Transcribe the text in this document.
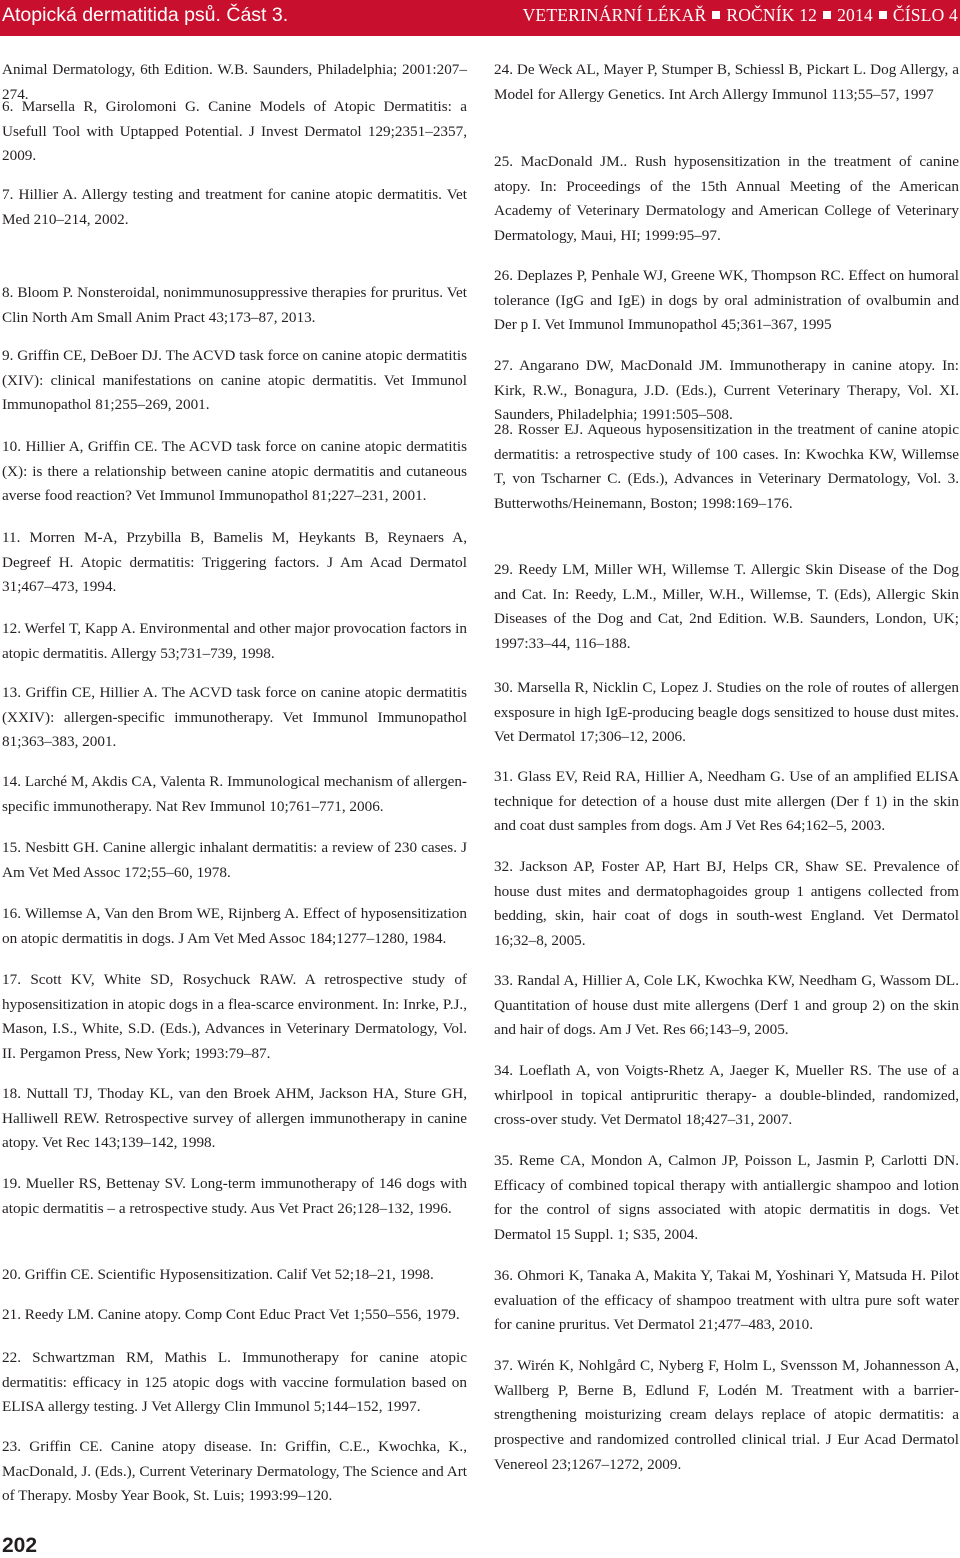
Atopická dermatitida psů. Část 3.	VETERINÁRNÍ LÉKAŘ ROČNÍK 12 2014 ČÍSLO 4
Animal Dermatology, 6th Edition. W.B. Saunders, Philadelphia; 2001:207–274.
6. Marsella R, Girolomoni G. Canine Models of Atopic Dermatitis: a Usefull Tool with Uptapped Potential. J Invest Dermatol 129;2351–2357, 2009.
7. Hillier A. Allergy testing and treatment for canine atopic dermatitis. Vet Med 210–214, 2002.
8. Bloom P. Nonsteroidal, nonimmunosuppressive therapies for pruritus. Vet Clin North Am Small Anim Pract 43;173–87, 2013.
9. Griffin CE, DeBoer DJ. The ACVD task force on canine atopic dermatitis (XIV): clinical manifestations on canine atopic dermatitis. Vet Immunol Immunopathol 81;255–269, 2001.
10. Hillier A, Griffin CE. The ACVD task force on canine atopic dermatitis (X): is there a relationship between canine atopic dermatitis and cutaneous averse food reaction? Vet Immunol Immunopathol 81;227–231, 2001.
11. Morren M-A, Przybilla B, Bamelis M, Heykants B, Reynaers A, Degreef H. Atopic dermatitis: Triggering factors. J Am Acad Dermatol 31;467–473, 1994.
12. Werfel T, Kapp A. Environmental and other major provocation factors in atopic dermatitis. Allergy 53;731–739, 1998.
13. Griffin CE, Hillier A. The ACVD task force on canine atopic dermatitis (XXIV): allergen-specific immunotherapy. Vet Immunol Immunopathol 81;363–383, 2001.
14. Larché M, Akdis CA, Valenta R. Immunological mechanism of allergen-specific immunotherapy. Nat Rev Immunol 10;761–771, 2006.
15. Nesbitt GH. Canine allergic inhalant dermatitis: a review of 230 cases. J Am Vet Med Assoc 172;55–60, 1978.
16. Willemse A, Van den Brom WE, Rijnberg A. Effect of hyposensitization on atopic dermatitis in dogs. J Am Vet Med Assoc 184;1277–1280, 1984.
17. Scott KV, White SD, Rosychuck RAW. A retrospective study of hyposensitization in atopic dogs in a flea-scarce environment. In: Inrke, P.J., Mason, I.S., White, S.D. (Eds.), Advances in Veterinary Dermatology, Vol. II. Pergamon Press, New York; 1993:79–87.
18. Nuttall TJ, Thoday KL, van den Broek AHM, Jackson HA, Sture GH, Halliwell REW. Retrospective survey of allergen immunotherapy in canine atopy. Vet Rec 143;139–142, 1998.
19. Mueller RS, Bettenay SV. Long-term immunotherapy of 146 dogs with atopic dermatitis – a retrospective study. Aus Vet Pract 26;128–132, 1996.
20. Griffin CE. Scientific Hyposensitization. Calif Vet 52;18–21, 1998.
21. Reedy LM. Canine atopy. Comp Cont Educ Pract Vet 1;550–556, 1979.
22. Schwartzman RM, Mathis L. Immunotherapy for canine atopic dermatitis: efficacy in 125 atopic dogs with vaccine formulation based on ELISA allergy testing. J Vet Allergy Clin Immunol 5;144–152, 1997.
23. Griffin CE. Canine atopy disease. In: Griffin, C.E., Kwochka, K., MacDonald, J. (Eds.), Current Veterinary Dermatology, The Science and Art of Therapy. Mosby Year Book, St. Luis; 1993:99–120.
24. De Weck AL, Mayer P, Stumper B, Schiessl B, Pickart L. Dog Allergy, a Model for Allergy Genetics. Int Arch Allergy Immunol 113;55–57, 1997
25. MacDonald JM.. Rush hyposensitization in the treatment of canine atopy. In: Proceedings of the 15th Annual Meeting of the American Academy of Veterinary Dermatology and American College of Veterinary Dermatology, Maui, HI; 1999:95–97.
26. Deplazes P, Penhale WJ, Greene WK, Thompson RC. Effect on humoral tolerance (IgG and IgE) in dogs by oral administration of ovalbumin and Der p I. Vet Immunol Immunopathol 45;361–367, 1995
27. Angarano DW, MacDonald JM. Immunotherapy in canine atopy. In: Kirk, R.W., Bonagura, J.D. (Eds.), Current Veterinary Therapy, Vol. XI. Saunders, Philadelphia; 1991:505–508.
28. Rosser EJ. Aqueous hyposensitization in the treatment of canine atopic dermatitis: a retrospective study of 100 cases. In: Kwochka KW, Willemse T, von Tscharner C. (Eds.), Advances in Veterinary Dermatology, Vol. 3. Butterwoths/Heinemann, Boston; 1998:169–176.
29. Reedy LM, Miller WH, Willemse T. Allergic Skin Disease of the Dog and Cat. In: Reedy, L.M., Miller, W.H., Willemse, T. (Eds), Allergic Skin Diseases of the Dog and Cat, 2nd Edition. W.B. Saunders, London, UK; 1997:33–44, 116–188.
30. Marsella R, Nicklin C, Lopez J. Studies on the role of routes of allergen exsposure in high IgE-producing beagle dogs sensitized to house dust mites. Vet Dermatol 17;306–12, 2006.
31. Glass EV, Reid RA, Hillier A, Needham G. Use of an amplified ELISA technique for detection of a house dust mite allergen (Der f 1) in the skin and coat dust samples from dogs. Am J Vet Res 64;162–5, 2003.
32. Jackson AP, Foster AP, Hart BJ, Helps CR, Shaw SE. Prevalence of house dust mites and dermatophagoides group 1 antigens collected from bedding, skin, hair coat of dogs in south-west England. Vet Dermatol 16;32–8, 2005.
33. Randal A, Hillier A, Cole LK, Kwochka KW, Needham G, Wassom DL. Quantitation of house dust mite allergens (Derf 1 and group 2) on the skin and hair of dogs. Am J Vet. Res 66;143–9, 2005.
34. Loeflath A, von Voigts-Rhetz A, Jaeger K, Mueller RS. The use of a whirlpool in topical antipruritic therapy- a double-blinded, randomized, cross-over study. Vet Dermatol 18;427–31, 2007.
35. Reme CA, Mondon A, Calmon JP, Poisson L, Jasmin P, Carlotti DN. Efficacy of combined topical therapy with antiallergic shampoo and lotion for the control of signs associated with atopic dermatitis in dogs. Vet Dermatol 15 Suppl. 1; S35, 2004.
36. Ohmori K, Tanaka A, Makita Y, Takai M, Yoshinari Y, Matsuda H. Pilot evaluation of the efficacy of shampoo treatment with ultra pure soft water for canine pruritus. Vet Dermatol 21;477–483, 2010.
37. Wirén K, Nohlgård C, Nyberg F, Holm L, Svensson M, Johannesson A, Wallberg P, Berne B, Edlund F, Lodén M. Treatment with a barrier-strengthening moisturizing cream delays replace of atopic dermatitis: a prospective and randomized controlled clinical trial. J Eur Acad Dermatol Venereol 23;1267–1272, 2009.
202
